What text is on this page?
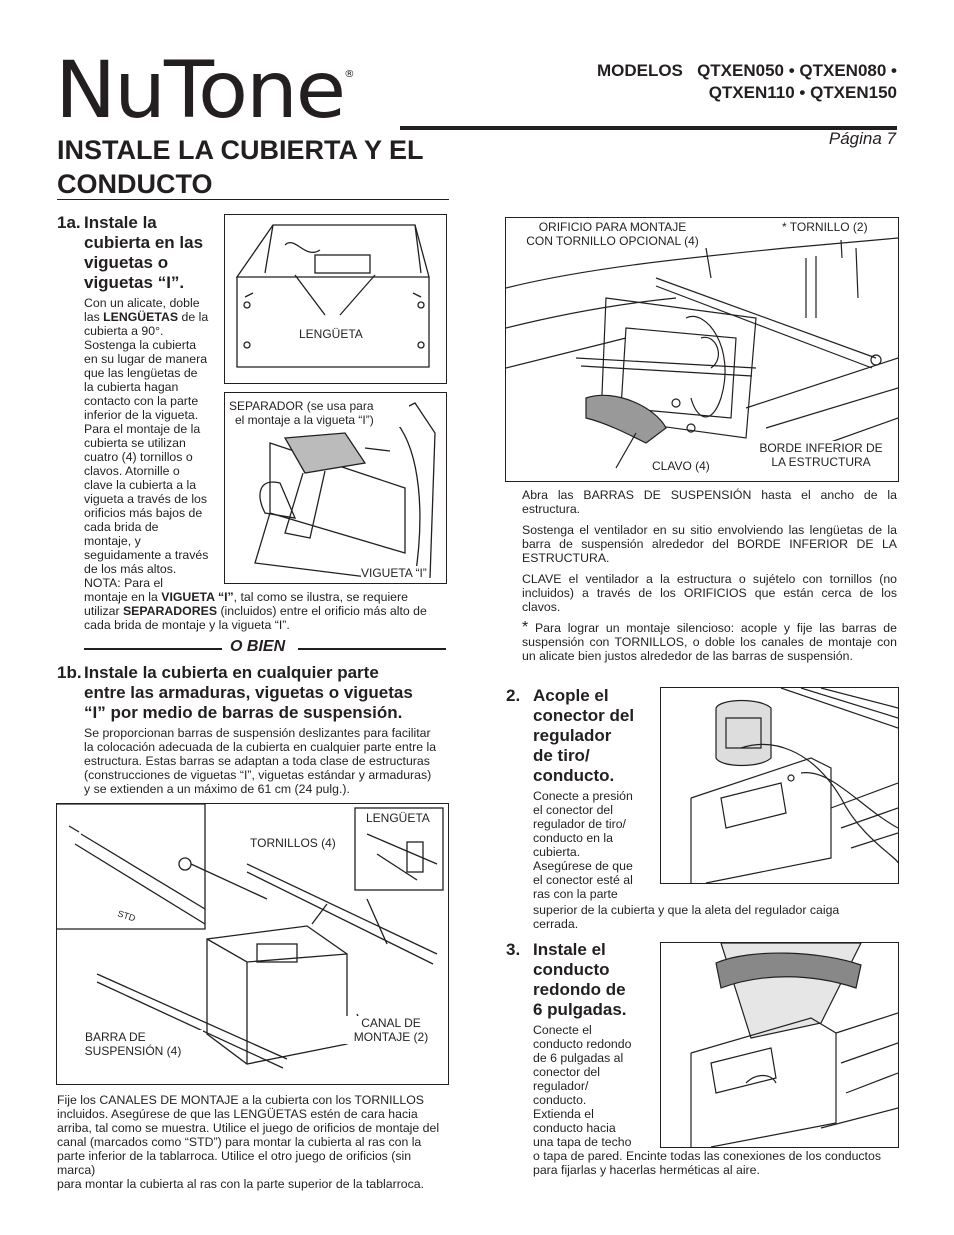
NuTone®	MODELOS   QTXEN050 • QTXEN080 •
QTXEN110 • QTXEN150
Página 7
INSTALE LA CUBIERTA Y EL
CONDUCTO
1a. Instale la
cubierta en las
viguetas o
viguetas “I”.
Con un alicate, doble
las LENGÜETAS de la
cubierta a 90°.
Sostenga la cubierta
en su lugar de manera
que las lengüetas de
la cubierta hagan
contacto con la parte
inferior de la vigueta.
Para el montaje de la
cubierta se utilizan
cuatro (4) tornillos o
clavos. Atornille o
clave la cubierta a la
vigueta a través de los
orificios más bajos de
cada brida de
montaje, y
seguidamente a través
de los más altos.
NOTA: Para el
montaje en la VIGUETA “I”, tal como se ilustra, se requiere
utilizar SEPARADORES (incluidos) entre el orificio más alto de
cada brida de montaje y la vigueta “I”.
LENGÜETA
SEPARADOR (se usa para
el montaje a la vigueta “I”)
VIGUETA “I”
O BIEN
1b. Instale la cubierta en cualquier parte
entre las armaduras, viguetas o viguetas
“I” por medio de barras de suspensión.
Se proporcionan barras de suspensión deslizantes para facilitar
la colocación adecuada de la cubierta en cualquier parte entre la
estructura. Estas barras se adaptan a toda clase de estructuras
(construcciones de viguetas “I”, viguetas estándar y armaduras)
y se extienden a un máximo de 61 cm (24 pulg.).
STD
LENGÜETA
TORNILLOS (4)
BARRA DE
SUSPENSIÓN (4)
CANAL DE
MONTAJE (2)
Fije los CANALES DE MONTAJE a la cubierta con los TORNILLOS
incluidos. Asegúrese de que las LENGÜETAS estén de cara hacia
arriba, tal como se muestra. Utilice el juego de orificios de montaje del
canal (marcados como “STD”) para montar la cubierta al ras con la
parte inferior de la tablarroca. Utilice el otro juego de orificios (sin marca)
para montar la cubierta al ras con la parte superior de la tablarroca.
ORIFICIO PARA MONTAJE
CON TORNILLO OPCIONAL (4)
* TORNILLO (2)
CLAVO (4)
BORDE INFERIOR DE
LA ESTRUCTURA
Abra las BARRAS DE SUSPENSIÓN hasta el ancho de la
estructura.
Sostenga el ventilador en su sitio envolviendo las lengüetas de la
barra de suspensión alrededor del BORDE INFERIOR DE LA
ESTRUCTURA.
CLAVE el ventilador a la estructura o sujételo con tornillos (no
incluidos) a través de los ORIFICIOS que están cerca de los
clavos.
* Para lograr un montaje silencioso: acople y fije las barras de
suspensión con TORNILLOS, o doble los canales de montaje con
un alicate bien justos alrededor de las barras de suspensión.
2. Acople el
conector del
regulador
de tiro/
conducto.
Conecte a presión
el conector del
regulador de tiro/
conducto en la
cubierta.
Asegúrese de que
el conector esté al
ras con la parte
superior de la cubierta y que la aleta del regulador caiga
cerrada.
3. Instale el
conducto
redondo de
6 pulgadas.
Conecte el
conducto redondo
de 6 pulgadas al
conector del
regulador/
conducto.
Extienda el
conducto hacia
una tapa de techo
o tapa de pared. Encinte todas las conexiones de los conductos
para fijarlas y hacerlas herméticas al aire.
